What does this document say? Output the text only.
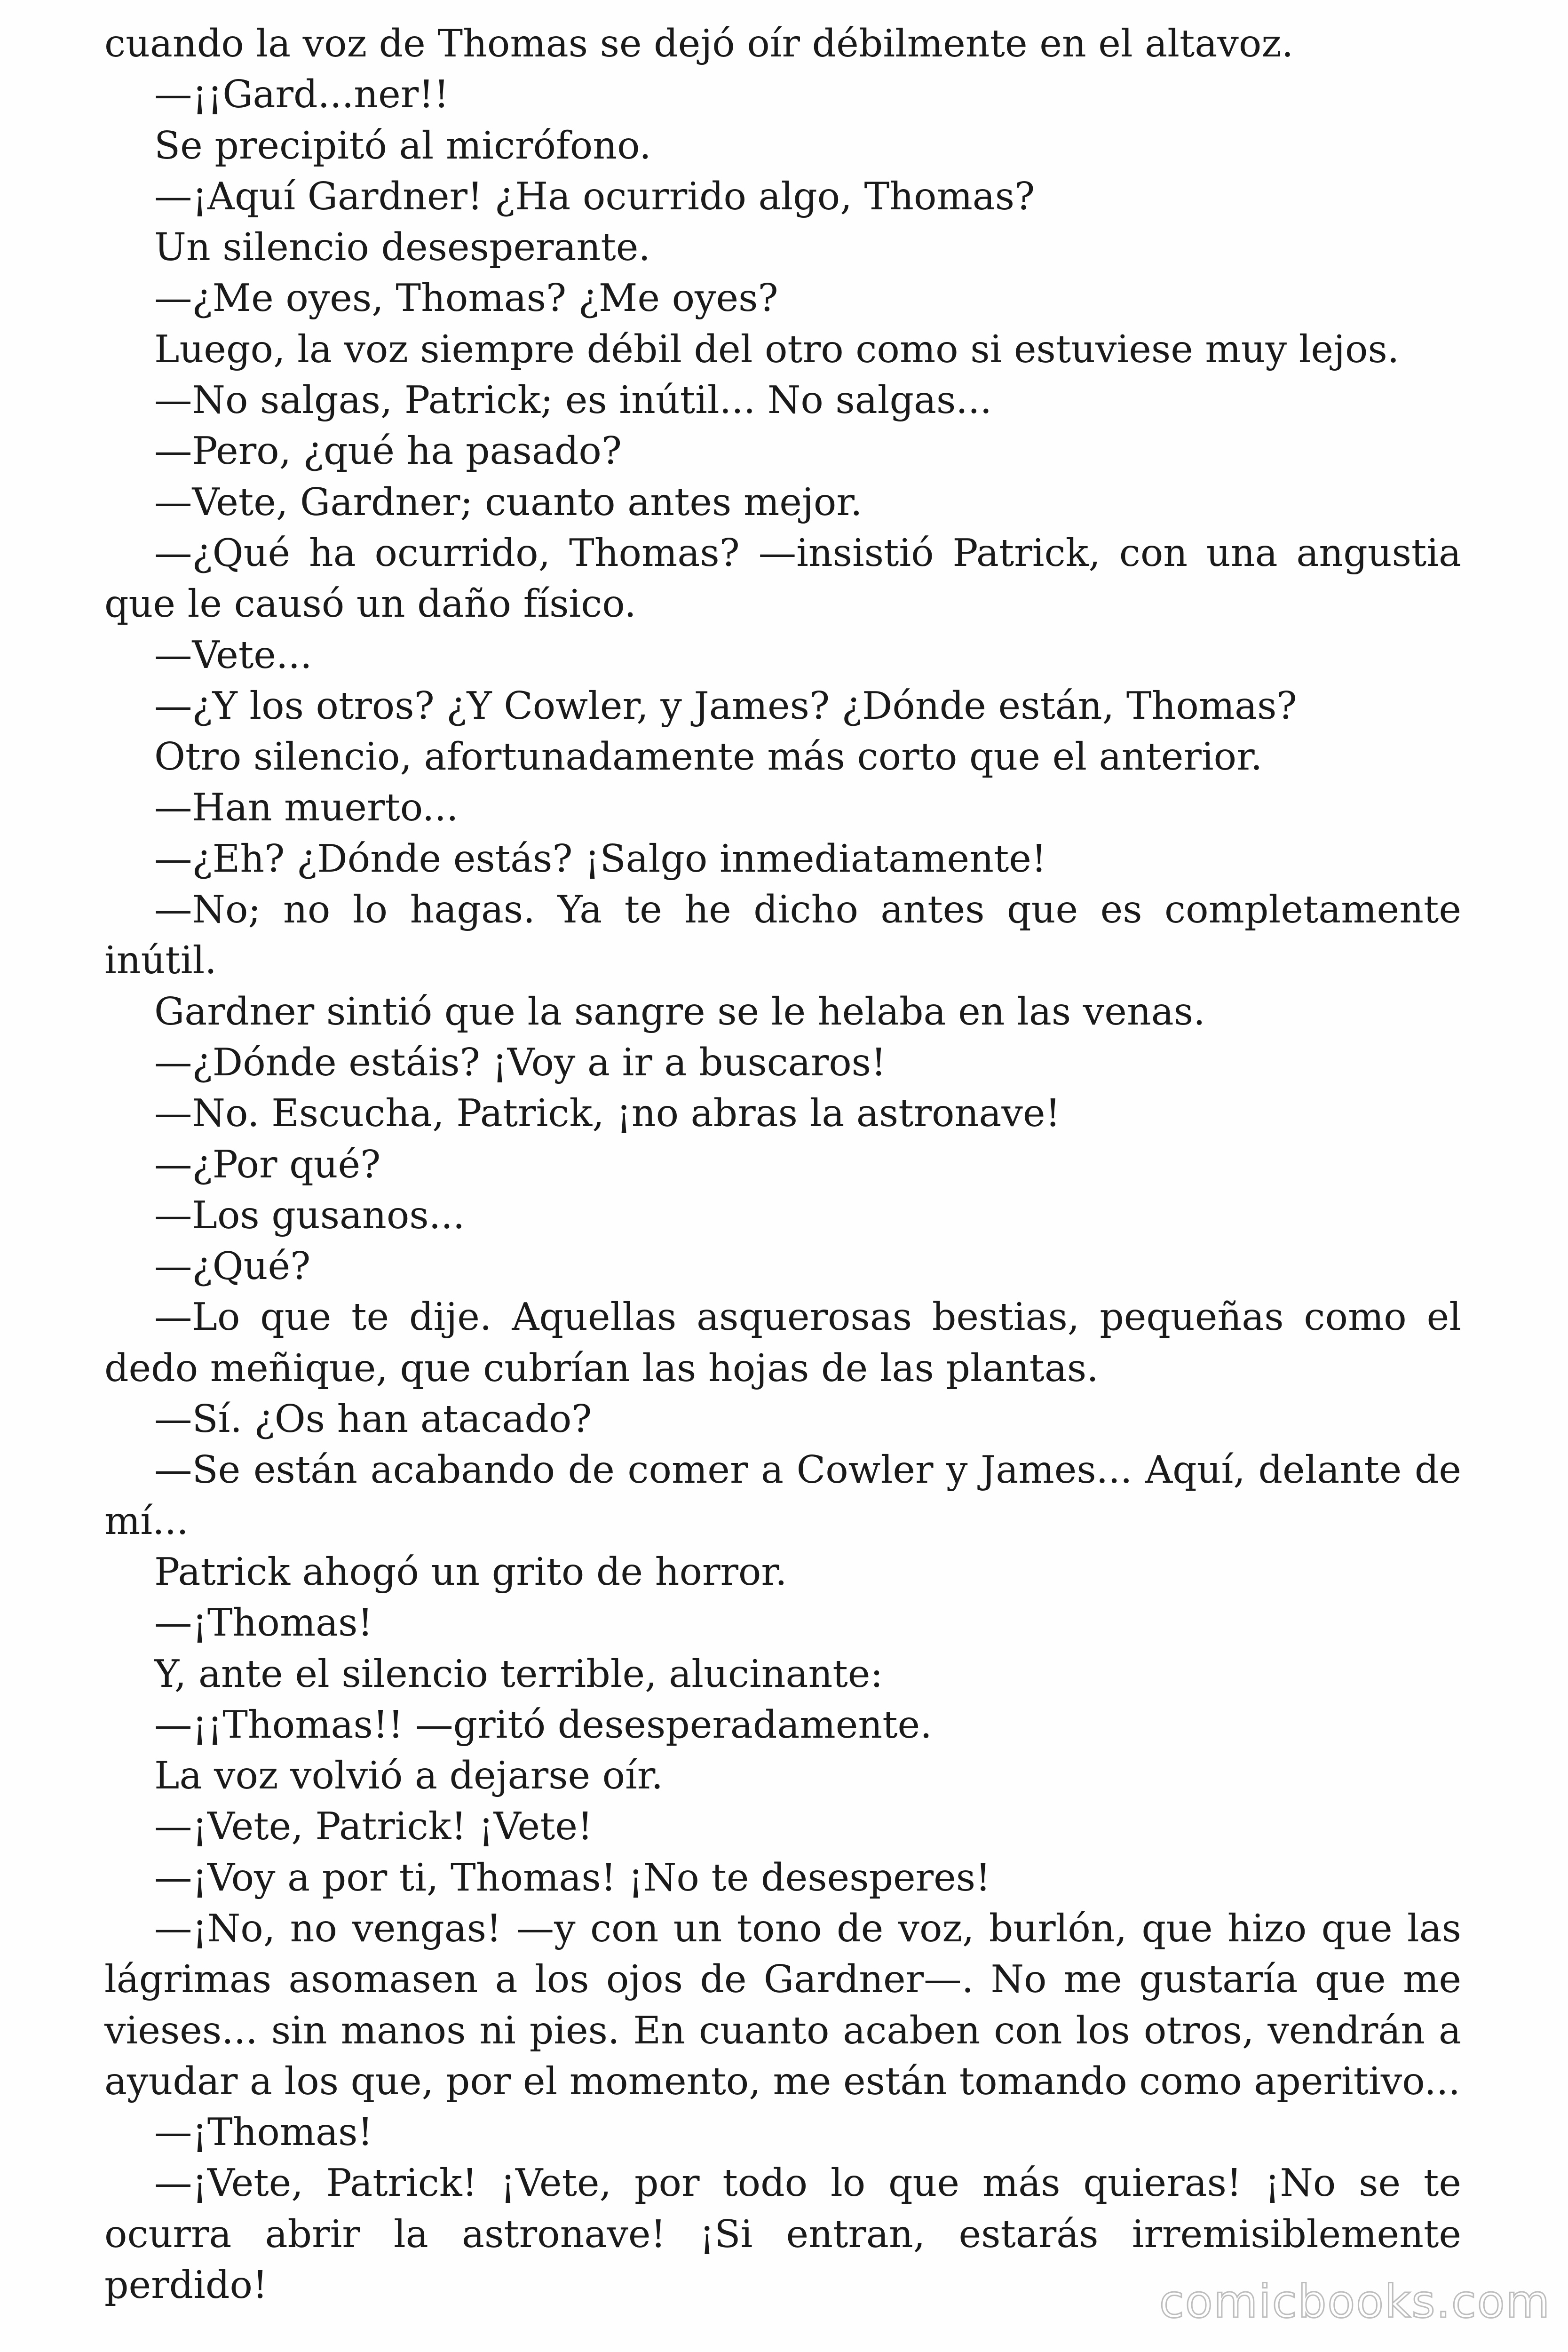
cuando la voz de Thomas se dejó oír débilmente en el altavoz.

—¡¡Gard...ner!!

Se precipitó al micrófono.

—¡Aquí Gardner! ¿Ha ocurrido algo, Thomas?

Un silencio desesperante.

—¿Me oyes, Thomas? ¿Me oyes?

Luego, la voz siempre débil del otro como si estuviese muy lejos.

—No salgas, Patrick; es inútil... No salgas...

—Pero, ¿qué ha pasado?

—Vete, Gardner; cuanto antes mejor.

—¿Qué ha ocurrido, Thomas? —insistió Patrick, con una angustia que le causó un daño físico.

—Vete...

—¿Y los otros? ¿Y Cowler, y James? ¿Dónde están, Thomas?

Otro silencio, afortunadamente más corto que el anterior.

—Han muerto...

—¿Eh? ¿Dónde estás? ¡Salgo inmediatamente!

—No; no lo hagas. Ya te he dicho antes que es completamente inútil.

Gardner sintió que la sangre se le helaba en las venas.

—¿Dónde estáis? ¡Voy a ir a buscaros!

—No. Escucha, Patrick, ¡no abras la astronave!

—¿Por qué?

—Los gusanos...

—¿Qué?

—Lo que te dije. Aquellas asquerosas bestias, pequeñas como el dedo meñique, que cubrían las hojas de las plantas.

—Sí. ¿Os han atacado?

—Se están acabando de comer a Cowler y James... Aquí, delante de mí...

Patrick ahogó un grito de horror.

—¡Thomas!

Y, ante el silencio terrible, alucinante:

—¡¡Thomas!! —gritó desesperadamente.

La voz volvió a dejarse oír.

—¡Vete, Patrick! ¡Vete!

—¡Voy a por ti, Thomas! ¡No te desesperes!

—¡No, no vengas! —y con un tono de voz, burlón, que hizo que las lágrimas asomasen a los ojos de Gardner—. No me gustaría que me vieses... sin manos ni pies. En cuanto acaben con los otros, vendrán a ayudar a los que, por el momento, me están tomando como aperitivo...

—¡Thomas!

—¡Vete, Patrick! ¡Vete, por todo lo que más quieras! ¡No se te ocurra abrir la astronave! ¡Si entran, estarás irremisiblemente perdido!	comicbooks.com
